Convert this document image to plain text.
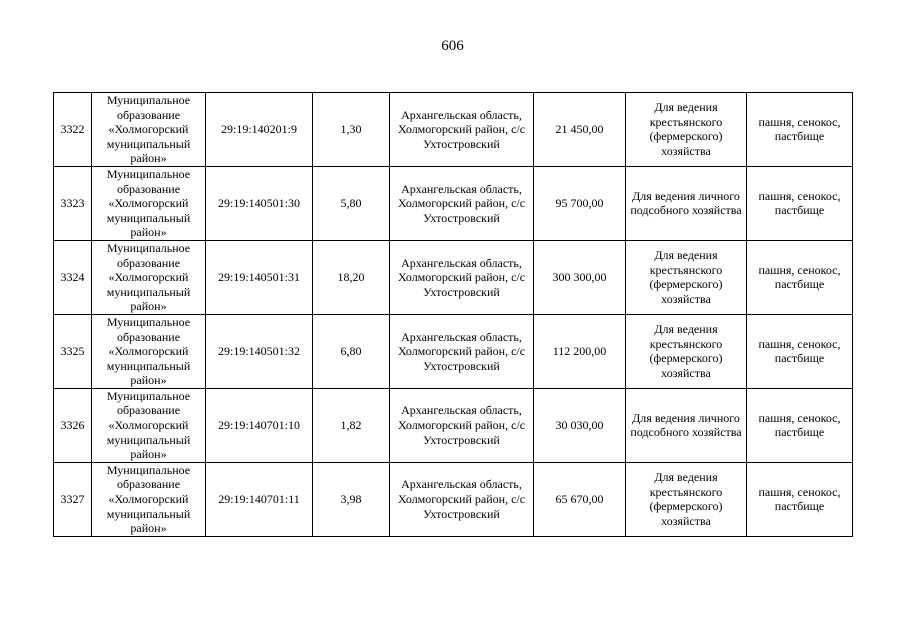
606
3322	Муниципальное образование «Холмогорский муниципальный район»	29:19:140201:9	1,30	Архангельская область, Холмогорский район, с/с Ухтостровский	21 450,00	Для ведения крестьянского (фермерского) хозяйства	пашня, сенокос, пастбище
3323	Муниципальное образование «Холмогорский муниципальный район»	29:19:140501:30	5,80	Архангельская область, Холмогорский район, с/с Ухтостровский	95 700,00	Для ведения личного подсобного хозяйства	пашня, сенокос, пастбище
3324	Муниципальное образование «Холмогорский муниципальный район»	29:19:140501:31	18,20	Архангельская область, Холмогорский район, с/с Ухтостровский	300 300,00	Для ведения крестьянского (фермерского) хозяйства	пашня, сенокос, пастбище
3325	Муниципальное образование «Холмогорский муниципальный район»	29:19:140501:32	6,80	Архангельская область, Холмогорский район, с/с Ухтостровский	112 200,00	Для ведения крестьянского (фермерского) хозяйства	пашня, сенокос, пастбище
3326	Муниципальное образование «Холмогорский муниципальный район»	29:19:140701:10	1,82	Архангельская область, Холмогорский район, с/с Ухтостровский	30 030,00	Для ведения личного подсобного хозяйства	пашня, сенокос, пастбище
3327	Муниципальное образование «Холмогорский муниципальный район»	29:19:140701:11	3,98	Архангельская область, Холмогорский район, с/с Ухтостровский	65 670,00	Для ведения крестьянского (фермерского) хозяйства	пашня, сенокос, пастбище
